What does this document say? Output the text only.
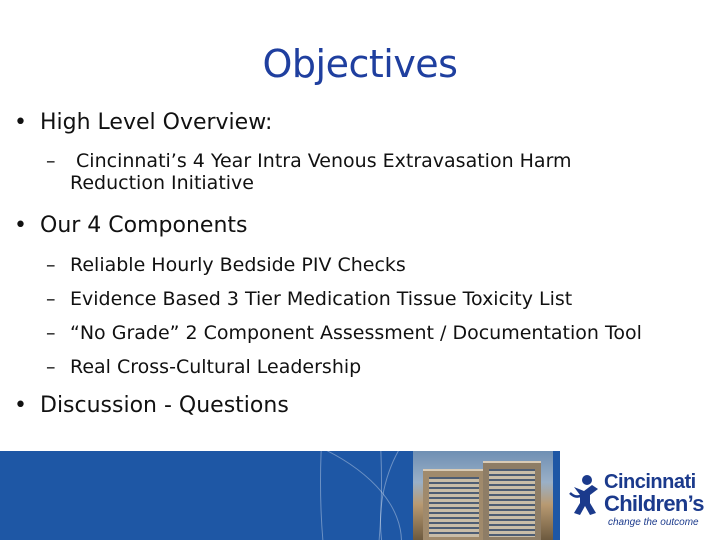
Objectives
• High Level Overview:
– Cincinnati’s 4 Year Intra Venous Extravasation Harm
Reduction Initiative
• Our 4 Components
– Reliable Hourly Bedside PIV Checks
– Evidence Based 3 Tier Medication Tissue Toxicity List
– “No Grade” 2 Component Assessment / Documentation Tool
– Real Cross-Cultural Leadership
• Discussion - Questions
Cincinnati
Children’s
change the outcome
